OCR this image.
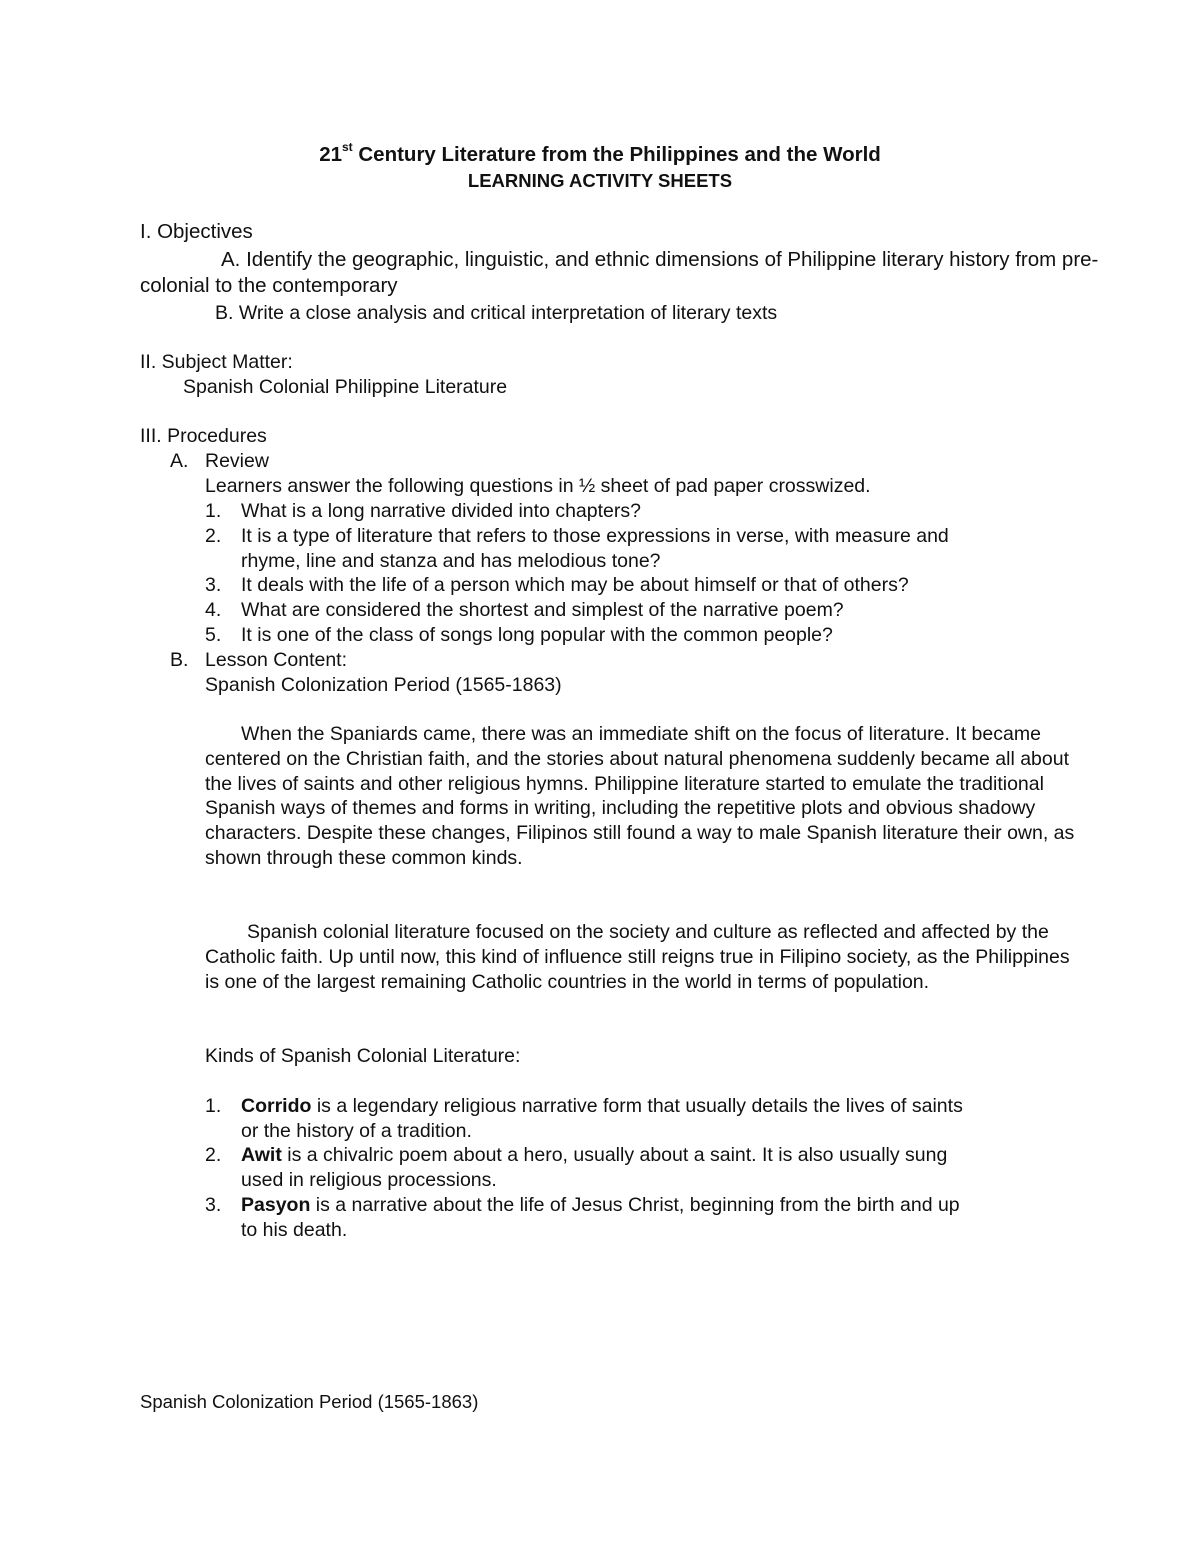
21st Century Literature from the Philippines and the World
LEARNING ACTIVITY SHEETS
I. Objectives
A. Identify the geographic, linguistic, and ethnic dimensions of Philippine literary history from pre-colonial to the contemporary
B. Write a close analysis and critical interpretation of literary texts
II. Subject Matter:
Spanish Colonial Philippine Literature
III. Procedures
A. Review
Learners answer the following questions in ½ sheet of pad paper crosswized.
1. What is a long narrative divided into chapters?
2. It is a type of literature that refers to those expressions in verse, with measure and
rhyme, line and stanza and has melodious tone?
3. It deals with the life of a person which may be about himself or that of others?
4. What are considered the shortest and simplest of the narrative poem?
5. It is one of the class of songs long popular with the common people?
B. Lesson Content:
Spanish Colonization Period (1565-1863)

When the Spaniards came, there was an immediate shift on the focus of literature. It became centered on the Christian faith, and the stories about natural phenomena suddenly became all about the lives of saints and other religious hymns. Philippine literature started to emulate the traditional Spanish ways of themes and forms in writing, including the repetitive plots and obvious shadowy characters. Despite these changes, Filipinos still found a way to male Spanish literature their own, as shown through these common kinds.

Spanish colonial literature focused on the society and culture as reflected and affected by the Catholic faith. Up until now, this kind of influence still reigns true in Filipino society, as the Philippines is one of the largest remaining Catholic countries in the world in terms of population.

Kinds of Spanish Colonial Literature:
1. Corrido is a legendary religious narrative form that usually details the lives of saints
or the history of a tradition.
2. Awit is a chivalric poem about a hero, usually about a saint. It is also usually sung
used in religious processions.
3. Pasyon is a narrative about the life of Jesus Christ, beginning from the birth and up
to his death.
Spanish Colonization Period (1565-1863)
